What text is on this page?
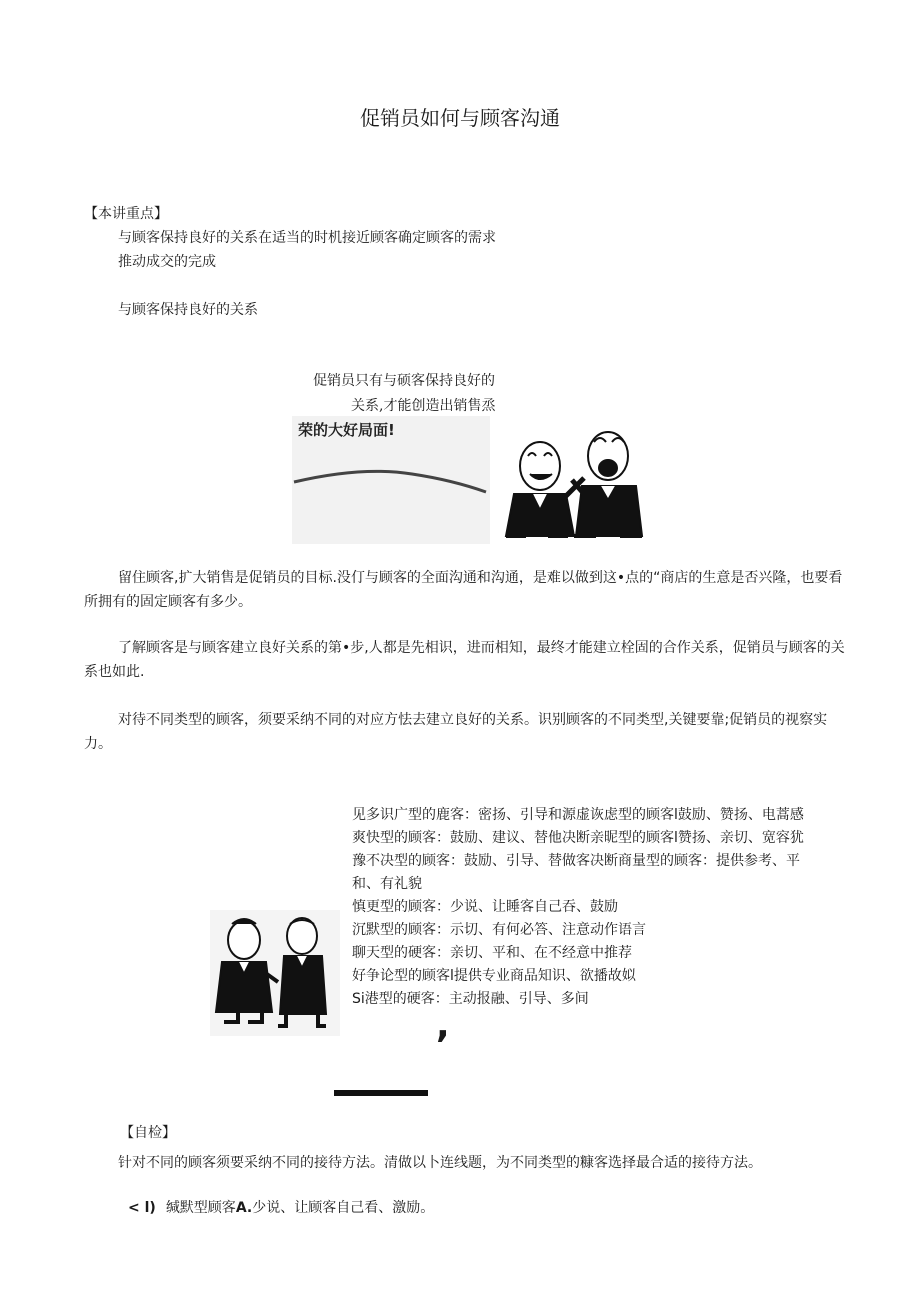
促销员如何与顾客沟通
【本讲重点】
与顾客保持良好的关系在适当的时机接近顾客确定顾客的需求
推动成交的完成
与顾客保持良好的关系
促销员只有与硕客保持良好的
关系,才能创造出销售烝
荣的大好局面!
留住顾客,扩大销售是促销员的目标.没仃与顾客的全面沟通和沟通，是难以做到这•点的“商店的生意是否兴隆，也要看所拥有的固定顾客有多少。
了解顾客是与顾客建立良好关系的第•步,人都是先相识，进而相知，最终才能建立栓固的合作关系，促销员与顾客的关系也如此.
对待不同类型的顾客，须要采纳不同的对应方怯去建立良好的关系。识别顾客的不同类型,关键要靠;促销员的视察实力。
见多识广型的鹿客：密扬、引导和源虚诙虑型的顾客l鼓励、赞扬、电蒿感
爽快型的顾客：鼓励、建议、替他决断亲昵型的顾客l赞扬、亲切、宽容犹
豫不决型的顾客：鼓励、引导、替做客决断商量型的顾客：提供参考、平
和、有礼貌
慎更型的顾客：少说、让睡客自己吞、鼓励
沉默型的顾客：示切、有何必答、注意动作语言
聊天型的硬客：亲切、平和、在不经意中推荐
好争论型的顾客l提供专业商品知识、欲播故姒
Si港型的硬客：主动报融、引导、多间
,
【自检】
针对不同的顾客须要采纳不同的接待方法。清做以卜连线题，为不同类型的糠客选择最合适的接待方法。
< l) 缄默型顾客A.少说、让顾客自己看、激励。
